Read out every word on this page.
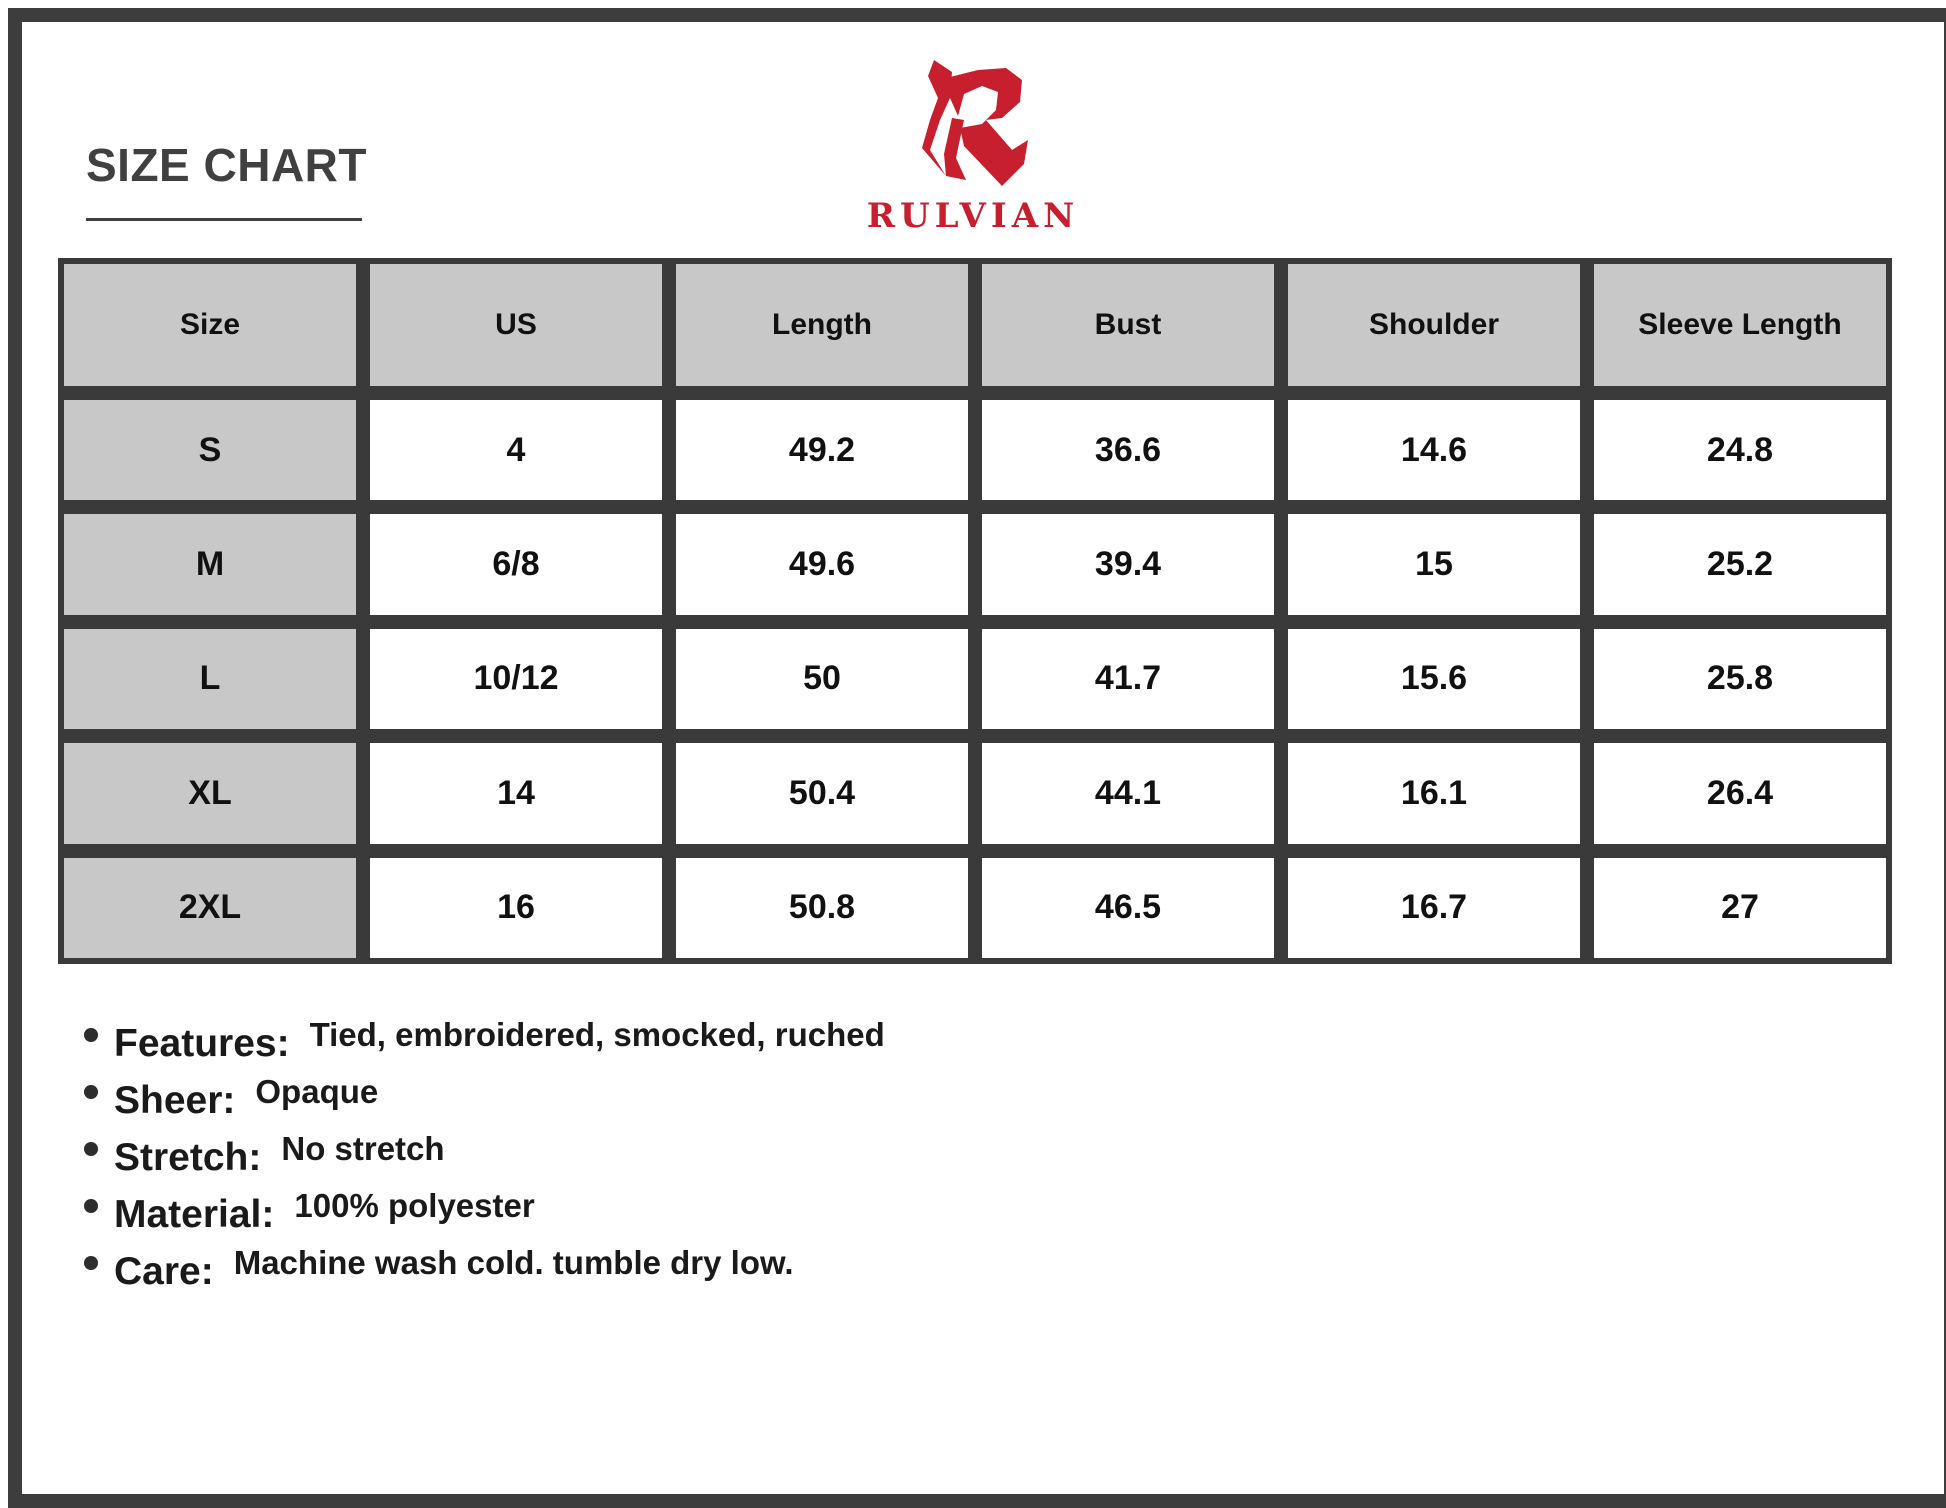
SIZE CHART
RULVIAN
Size	US	Length	Bust	Shoulder	Sleeve Length
S	4	49.2	36.6	14.6	24.8
M	6/8	49.6	39.4	15	25.2
L	10/12	50	41.7	15.6	25.8
XL	14	50.4	44.1	16.1	26.4
2XL	16	50.8	46.5	16.7	27
Features: Tied, embroidered, smocked, ruched
Sheer: Opaque
Stretch: No stretch
Material: 100% polyester
Care: Machine wash cold. tumble dry low.
